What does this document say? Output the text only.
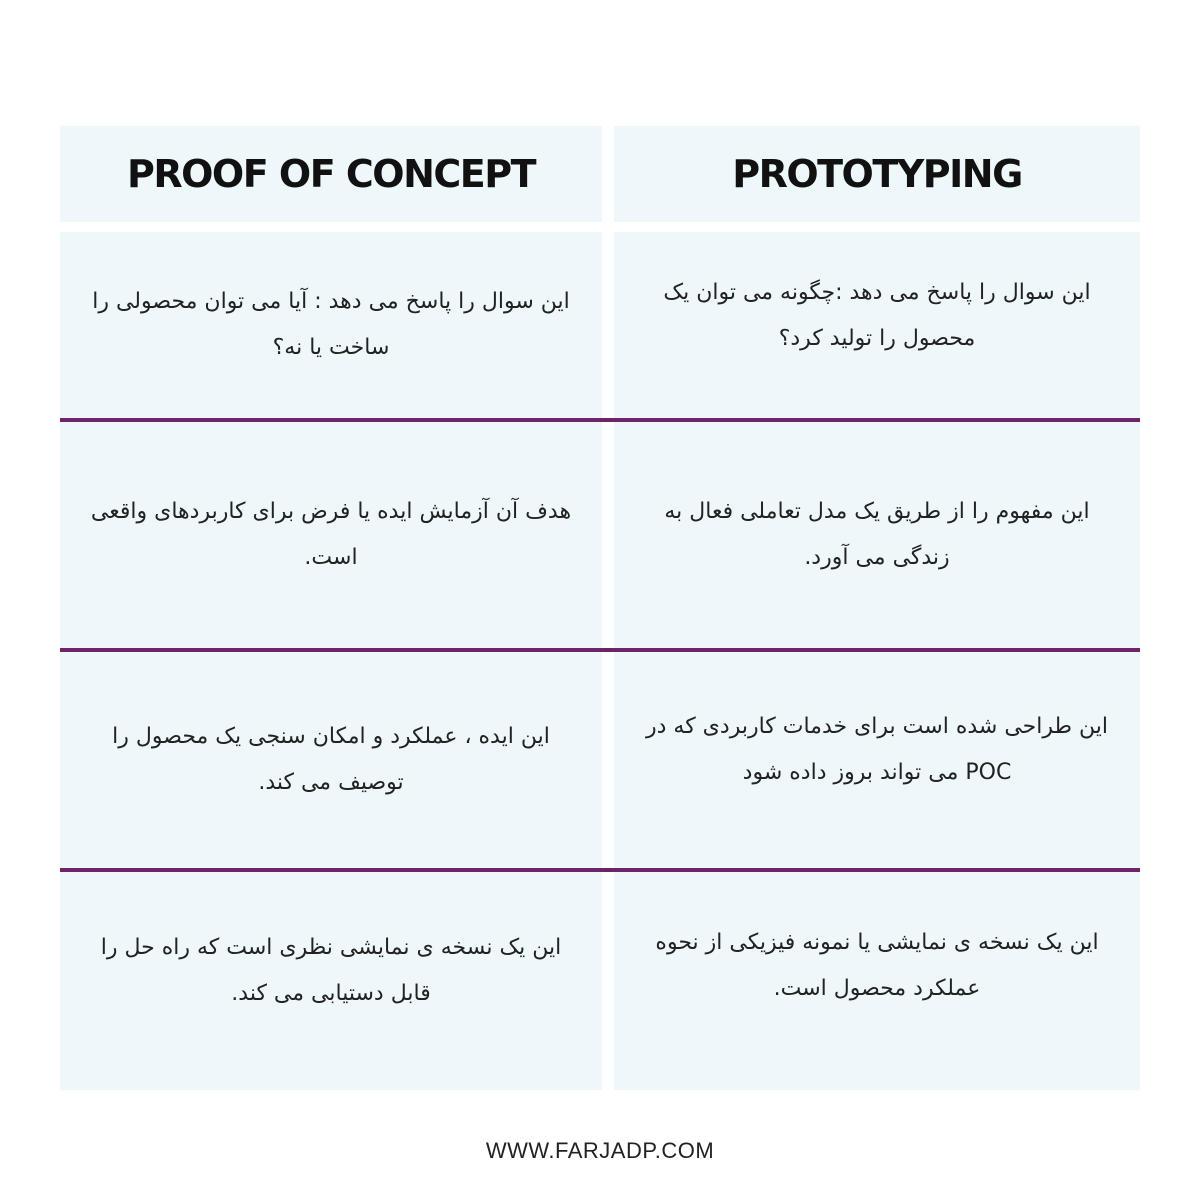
PROOF OF CONCEPT	PROTOTYPING
این سوال را پاسخ می دهد : آیا می توان محصولی را ساخت یا نه؟
این سوال را پاسخ می دهد :چگونه می توان یک محصول را تولید کرد؟
هدف آن آزمایش ایده یا فرض برای کاربردهای واقعی است.
این مفهوم را از طریق یک مدل تعاملی فعال به زندگی می آورد.
این ایده ، عملکرد و امکان سنجی یک محصول را توصیف می کند.
این طراحی شده است برای خدمات کاربردی که در POC می تواند بروز داده شود
این یک نسخه ی نمایشی نظری است که راه حل را قابل دستیابی می کند.
این یک نسخه ی نمایشی یا نمونه فیزیکی از نحوه عملکرد محصول است.
WWW.FARJADP.COM
